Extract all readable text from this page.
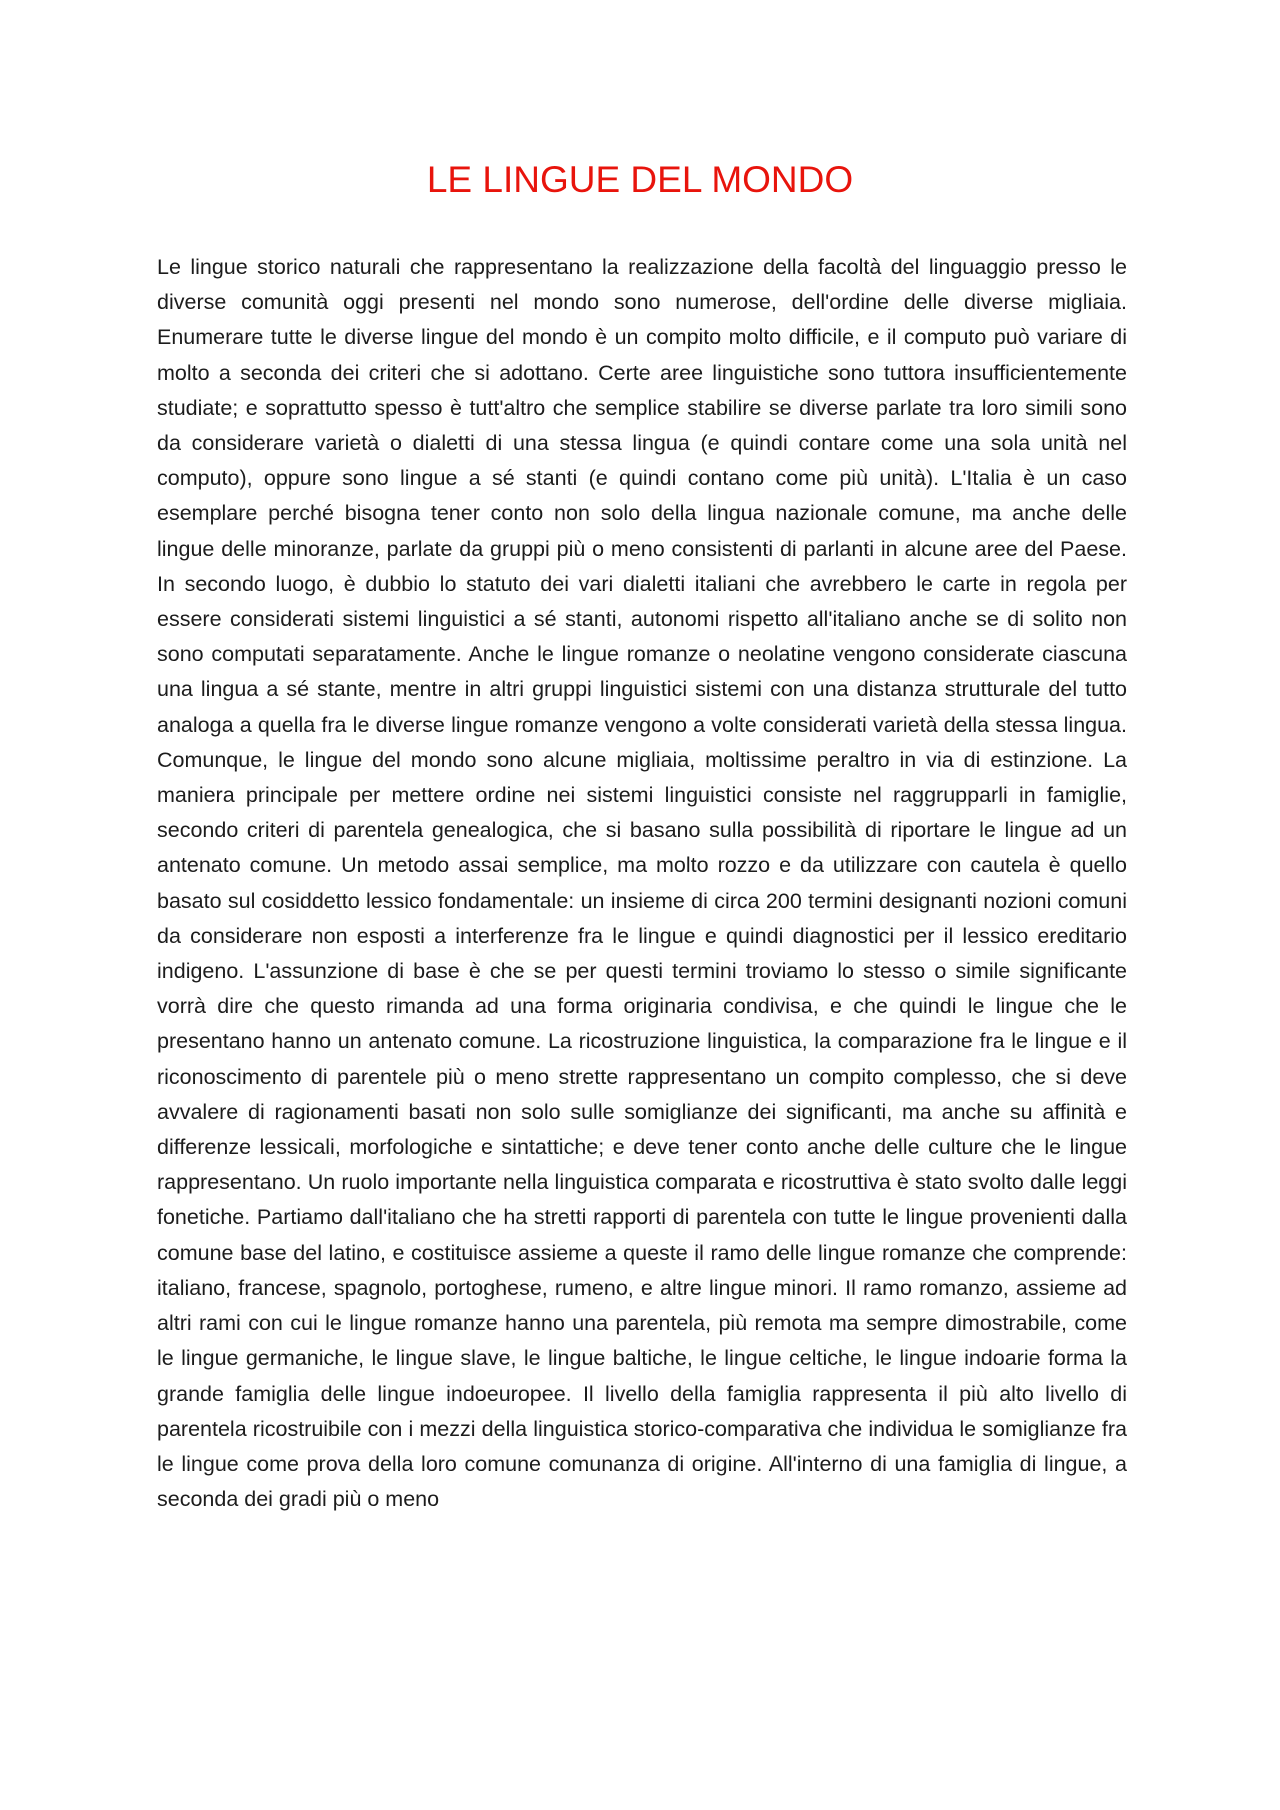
LE LINGUE DEL MONDO

Le lingue storico naturali che rappresentano la realizzazione della facoltà del linguaggio presso le diverse comunità oggi presenti nel mondo sono numerose, dell'ordine delle diverse migliaia. Enumerare tutte le diverse lingue del mondo è un compito molto difficile, e il computo può variare di molto a seconda dei criteri che si adottano. Certe aree linguistiche sono tuttora insufficientemente studiate; e soprattutto spesso è tutt'altro che semplice stabilire se diverse parlate tra loro simili sono da considerare varietà o dialetti di una stessa lingua (e quindi contare come una sola unità nel computo), oppure sono lingue a sé stanti (e quindi contano come più unità). L'Italia è un caso esemplare perché bisogna tener conto non solo della lingua nazionale comune, ma anche delle lingue delle minoranze, parlate da gruppi più o meno consistenti di parlanti in alcune aree del Paese. In secondo luogo, è dubbio lo statuto dei vari dialetti italiani che avrebbero le carte in regola per essere considerati sistemi linguistici a sé stanti, autonomi rispetto all'italiano anche se di solito non sono computati separatamente. Anche le lingue romanze o neolatine vengono considerate ciascuna una lingua a sé stante, mentre in altri gruppi linguistici sistemi con una distanza strutturale del tutto analoga a quella fra le diverse lingue romanze vengono a volte considerati varietà della stessa lingua. Comunque, le lingue del mondo sono alcune migliaia, moltissime peraltro in via di estinzione. La maniera principale per mettere ordine nei sistemi linguistici consiste nel raggrupparli in famiglie, secondo criteri di parentela genealogica, che si basano sulla possibilità di riportare le lingue ad un antenato comune. Un metodo assai semplice, ma molto rozzo e da utilizzare con cautela è quello basato sul cosiddetto lessico fondamentale: un insieme di circa 200 termini designanti nozioni comuni da considerare non esposti a interferenze fra le lingue e quindi diagnostici per il lessico ereditario indigeno. L'assunzione di base è che se per questi termini troviamo lo stesso o simile significante vorrà dire che questo rimanda ad una forma originaria condivisa, e che quindi le lingue che le presentano hanno un antenato comune. La ricostruzione linguistica, la comparazione fra le lingue e il riconoscimento di parentele più o meno strette rappresentano un compito complesso, che si deve avvalere di ragionamenti basati non solo sulle somiglianze dei significanti, ma anche su affinità e differenze lessicali, morfologiche e sintattiche; e deve tener conto anche delle culture che le lingue rappresentano. Un ruolo importante nella linguistica comparata e ricostruttiva è stato svolto dalle leggi fonetiche. Partiamo dall'italiano che ha stretti rapporti di parentela con tutte le lingue provenienti dalla comune base del latino, e costituisce assieme a queste il ramo delle lingue romanze che comprende: italiano, francese, spagnolo, portoghese, rumeno, e altre lingue minori. Il ramo romanzo, assieme ad altri rami con cui le lingue romanze hanno una parentela, più remota ma sempre dimostrabile, come le lingue germaniche, le lingue slave, le lingue baltiche, le lingue celtiche, le lingue indoarie forma la grande famiglia delle lingue indoeuropee. Il livello della famiglia rappresenta il più alto livello di parentela ricostruibile con i mezzi della linguistica storico-comparativa che individua le somiglianze fra le lingue come prova della loro comune comunanza di origine. All'interno di una famiglia di lingue, a seconda dei gradi più o meno
